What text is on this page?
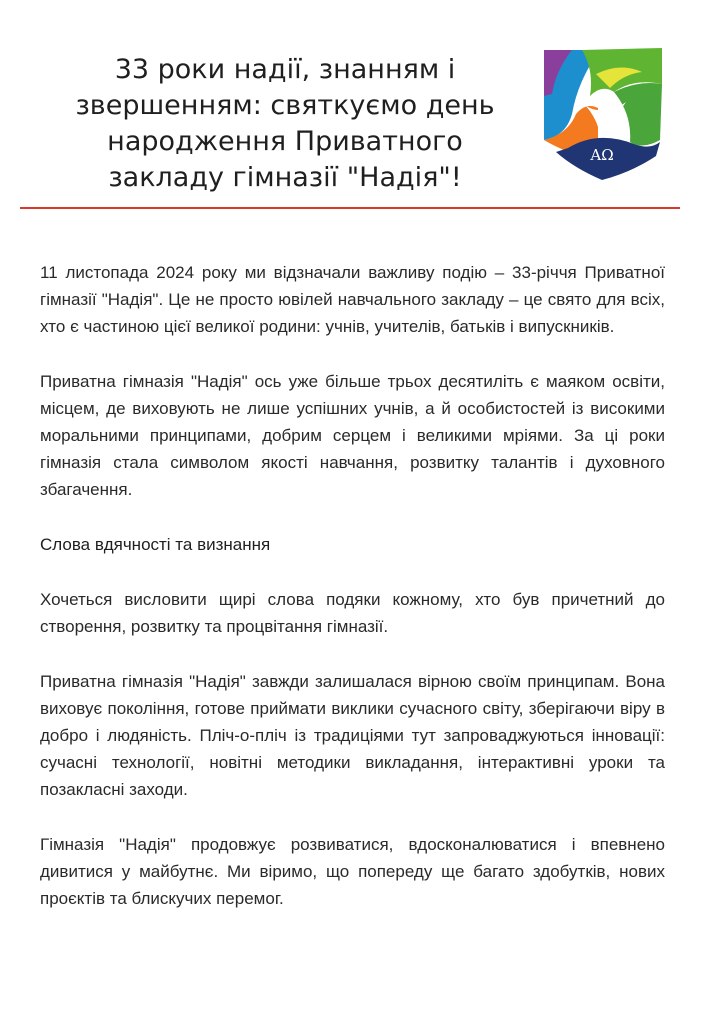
33 роки надії, знанням і звершенням: святкуємо день народження Приватного закладу гімназії "Надія"!
AΩ

11 листопада 2024 року ми відзначали важливу подію – 33-річчя Приватної гімназії "Надія". Це не просто ювілей навчального закладу – це свято для всіх, хто є частиною цієї великої родини: учнів, учителів, батьків і випускників.

Приватна гімназія "Надія" ось уже більше трьох десятиліть є маяком освіти, місцем, де виховують не лише успішних учнів, а й особистостей із високими моральними принципами, добрим серцем і великими мріями. За ці роки гімназія стала символом якості навчання, розвитку талантів і духовного збагачення.

Слова вдячності та визнання

Хочеться висловити щирі слова подяки кожному, хто був причетний до створення, розвитку та процвітання гімназії.

Приватна гімназія "Надія" завжди залишалася вірною своїм принципам. Вона виховує покоління, готове приймати виклики сучасного світу, зберігаючи віру в добро і людяність. Пліч-о-пліч із традиціями тут запроваджуються інновації: сучасні технології, новітні методики викладання, інтерактивні уроки та позакласні заходи.

Гімназія "Надія" продовжує розвиватися, вдосконалюватися і впевнено дивитися у майбутнє. Ми віримо, що попереду ще багато здобутків, нових проєктів та блискучих перемог.
